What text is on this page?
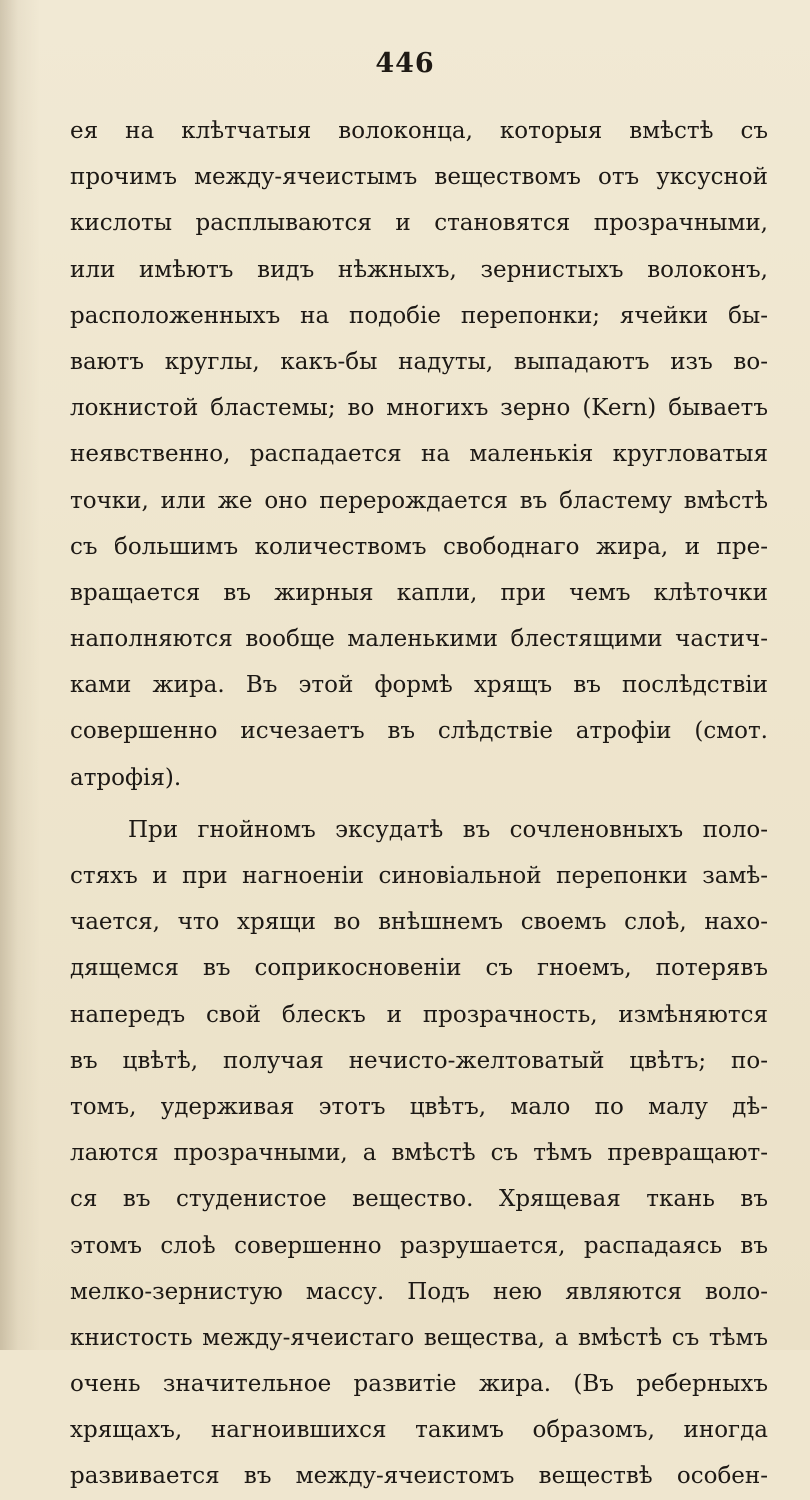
446
ея на клѣтчатыя волоконца, которыя вмѣстѣ съ
прочимъ между-ячеистымъ веществомъ отъ уксусной
кислоты расплываются и становятся прозрачными,
или имѣютъ видъ нѣжныхъ, зернистыхъ волоконъ,
расположенныхъ на подобіе перепонки; ячейки бы-
ваютъ круглы, какъ-бы надуты, выпадаютъ изъ во-
локнистой бластемы; во многихъ зерно (Kern) бываетъ
неявственно, распадается на маленькія кругловатыя
точки, или же оно перерождается въ бластему вмѣстѣ
съ большимъ количествомъ свободнаго жира, и пре-
вращается въ жирныя капли, при чемъ клѣточки
наполняются вообще маленькими блестящими частич-
ками жира. Въ этой формѣ хрящъ въ послѣдствіи
совершенно исчезаетъ въ слѣдствіе атрофіи (смот.
атрофія).
При гнойномъ эксудатѣ въ сочленовныхъ поло-
стяхъ и при нагноеніи синовіальной перепонки замѣ-
чается, что хрящи во внѣшнемъ своемъ слоѣ, нахо-
дящемся въ соприкосновеніи съ гноемъ, потерявъ
напередъ свой блескъ и прозрачность, измѣняются
въ цвѣтѣ, получая нечисто-желтоватый цвѣтъ; по-
томъ, удерживая этотъ цвѣтъ, мало по малу дѣ-
лаются прозрачными, а вмѣстѣ съ тѣмъ превращают-
ся въ студенистое вещество. Хрящевая ткань въ
этомъ слоѣ совершенно разрушается, распадаясь въ
мелко-зернистую массу. Подъ нею являются воло-
книстость между-ячеистаго вещества, а вмѣстѣ съ тѣмъ
очень значительное развитіе жира. (Въ реберныхъ
хрящахъ, нагноившихся такимъ образомъ, иногда
развивается въ между-ячеистомъ веществѣ особен-
